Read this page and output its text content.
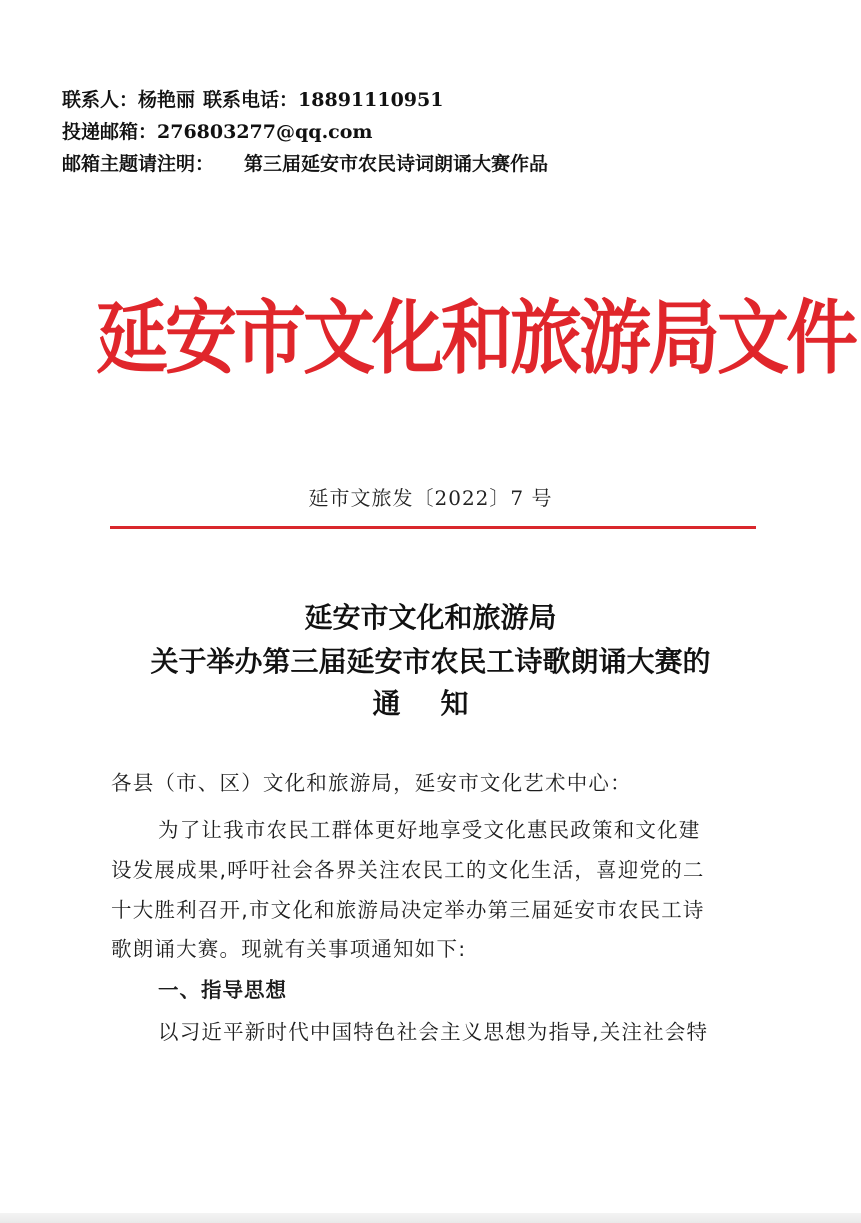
联系人：杨艳丽 联系电话：18891110951
投递邮箱：276803277@qq.com
邮箱主题请注明： 第三届延安市农民诗词朗诵大赛作品
延安市文化和旅游局文件
延市文旅发〔2022〕7 号
延安市文化和旅游局
关于举办第三届延安市农民工诗歌朗诵大赛的
通知
各县（市、区）文化和旅游局，延安市文化艺术中心：
为了让我市农民工群体更好地享受文化惠民政策和文化建
设发展成果,呼吁社会各界关注农民工的文化生活，喜迎党的二
十大胜利召开,市文化和旅游局决定举办第三届延安市农民工诗
歌朗诵大赛。现就有关事项通知如下:
一、指导思想
以习近平新时代中国特色社会主义思想为指导,关注社会特
